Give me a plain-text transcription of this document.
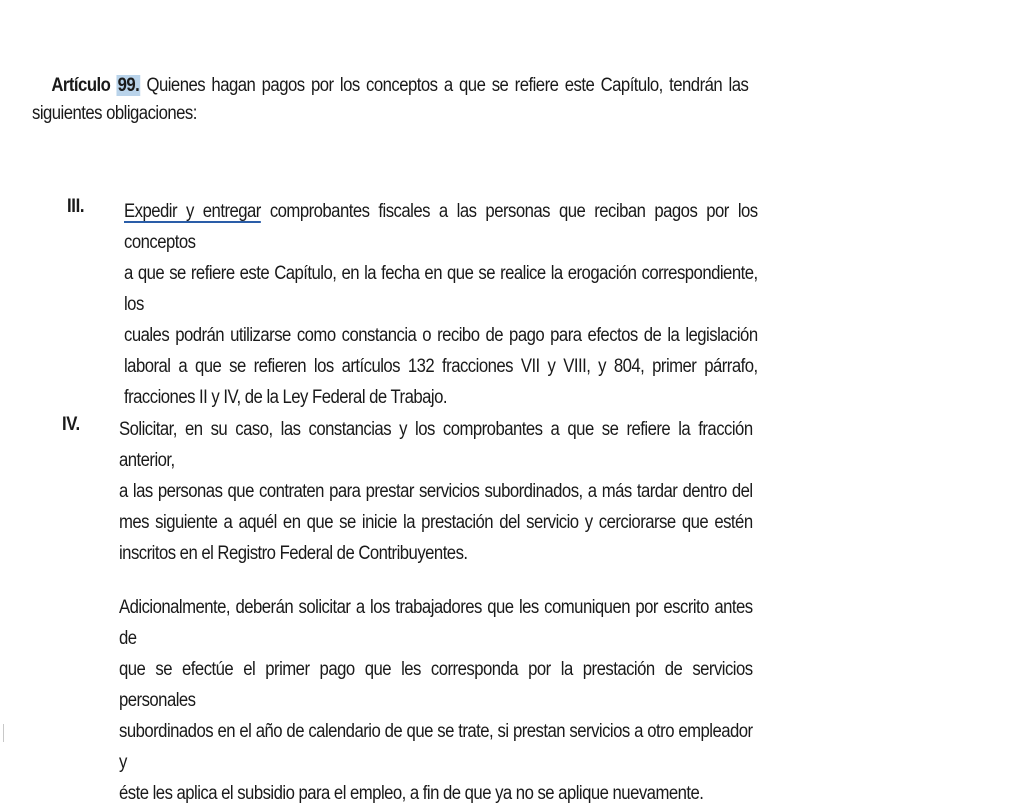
Artículo 99. Quienes hagan pagos por los conceptos a que se refiere este Capítulo, tendrán las
siguientes obligaciones:
III. Expedir y entregar comprobantes fiscales a las personas que reciban pagos por los conceptos
a que se refiere este Capítulo, en la fecha en que se realice la erogación correspondiente, los
cuales podrán utilizarse como constancia o recibo de pago para efectos de la legislación
laboral a que se refieren los artículos 132 fracciones VII y VIII, y 804, primer párrafo,
fracciones II y IV, de la Ley Federal de Trabajo.
IV. Solicitar, en su caso, las constancias y los comprobantes a que se refiere la fracción anterior,
a las personas que contraten para prestar servicios subordinados, a más tardar dentro del
mes siguiente a aquél en que se inicie la prestación del servicio y cerciorarse que estén
inscritos en el Registro Federal de Contribuyentes.
Adicionalmente, deberán solicitar a los trabajadores que les comuniquen por escrito antes de
que se efectúe el primer pago que les corresponda por la prestación de servicios personales
subordinados en el año de calendario de que se trate, si prestan servicios a otro empleador y
éste les aplica el subsidio para el empleo, a fin de que ya no se aplique nuevamente.
